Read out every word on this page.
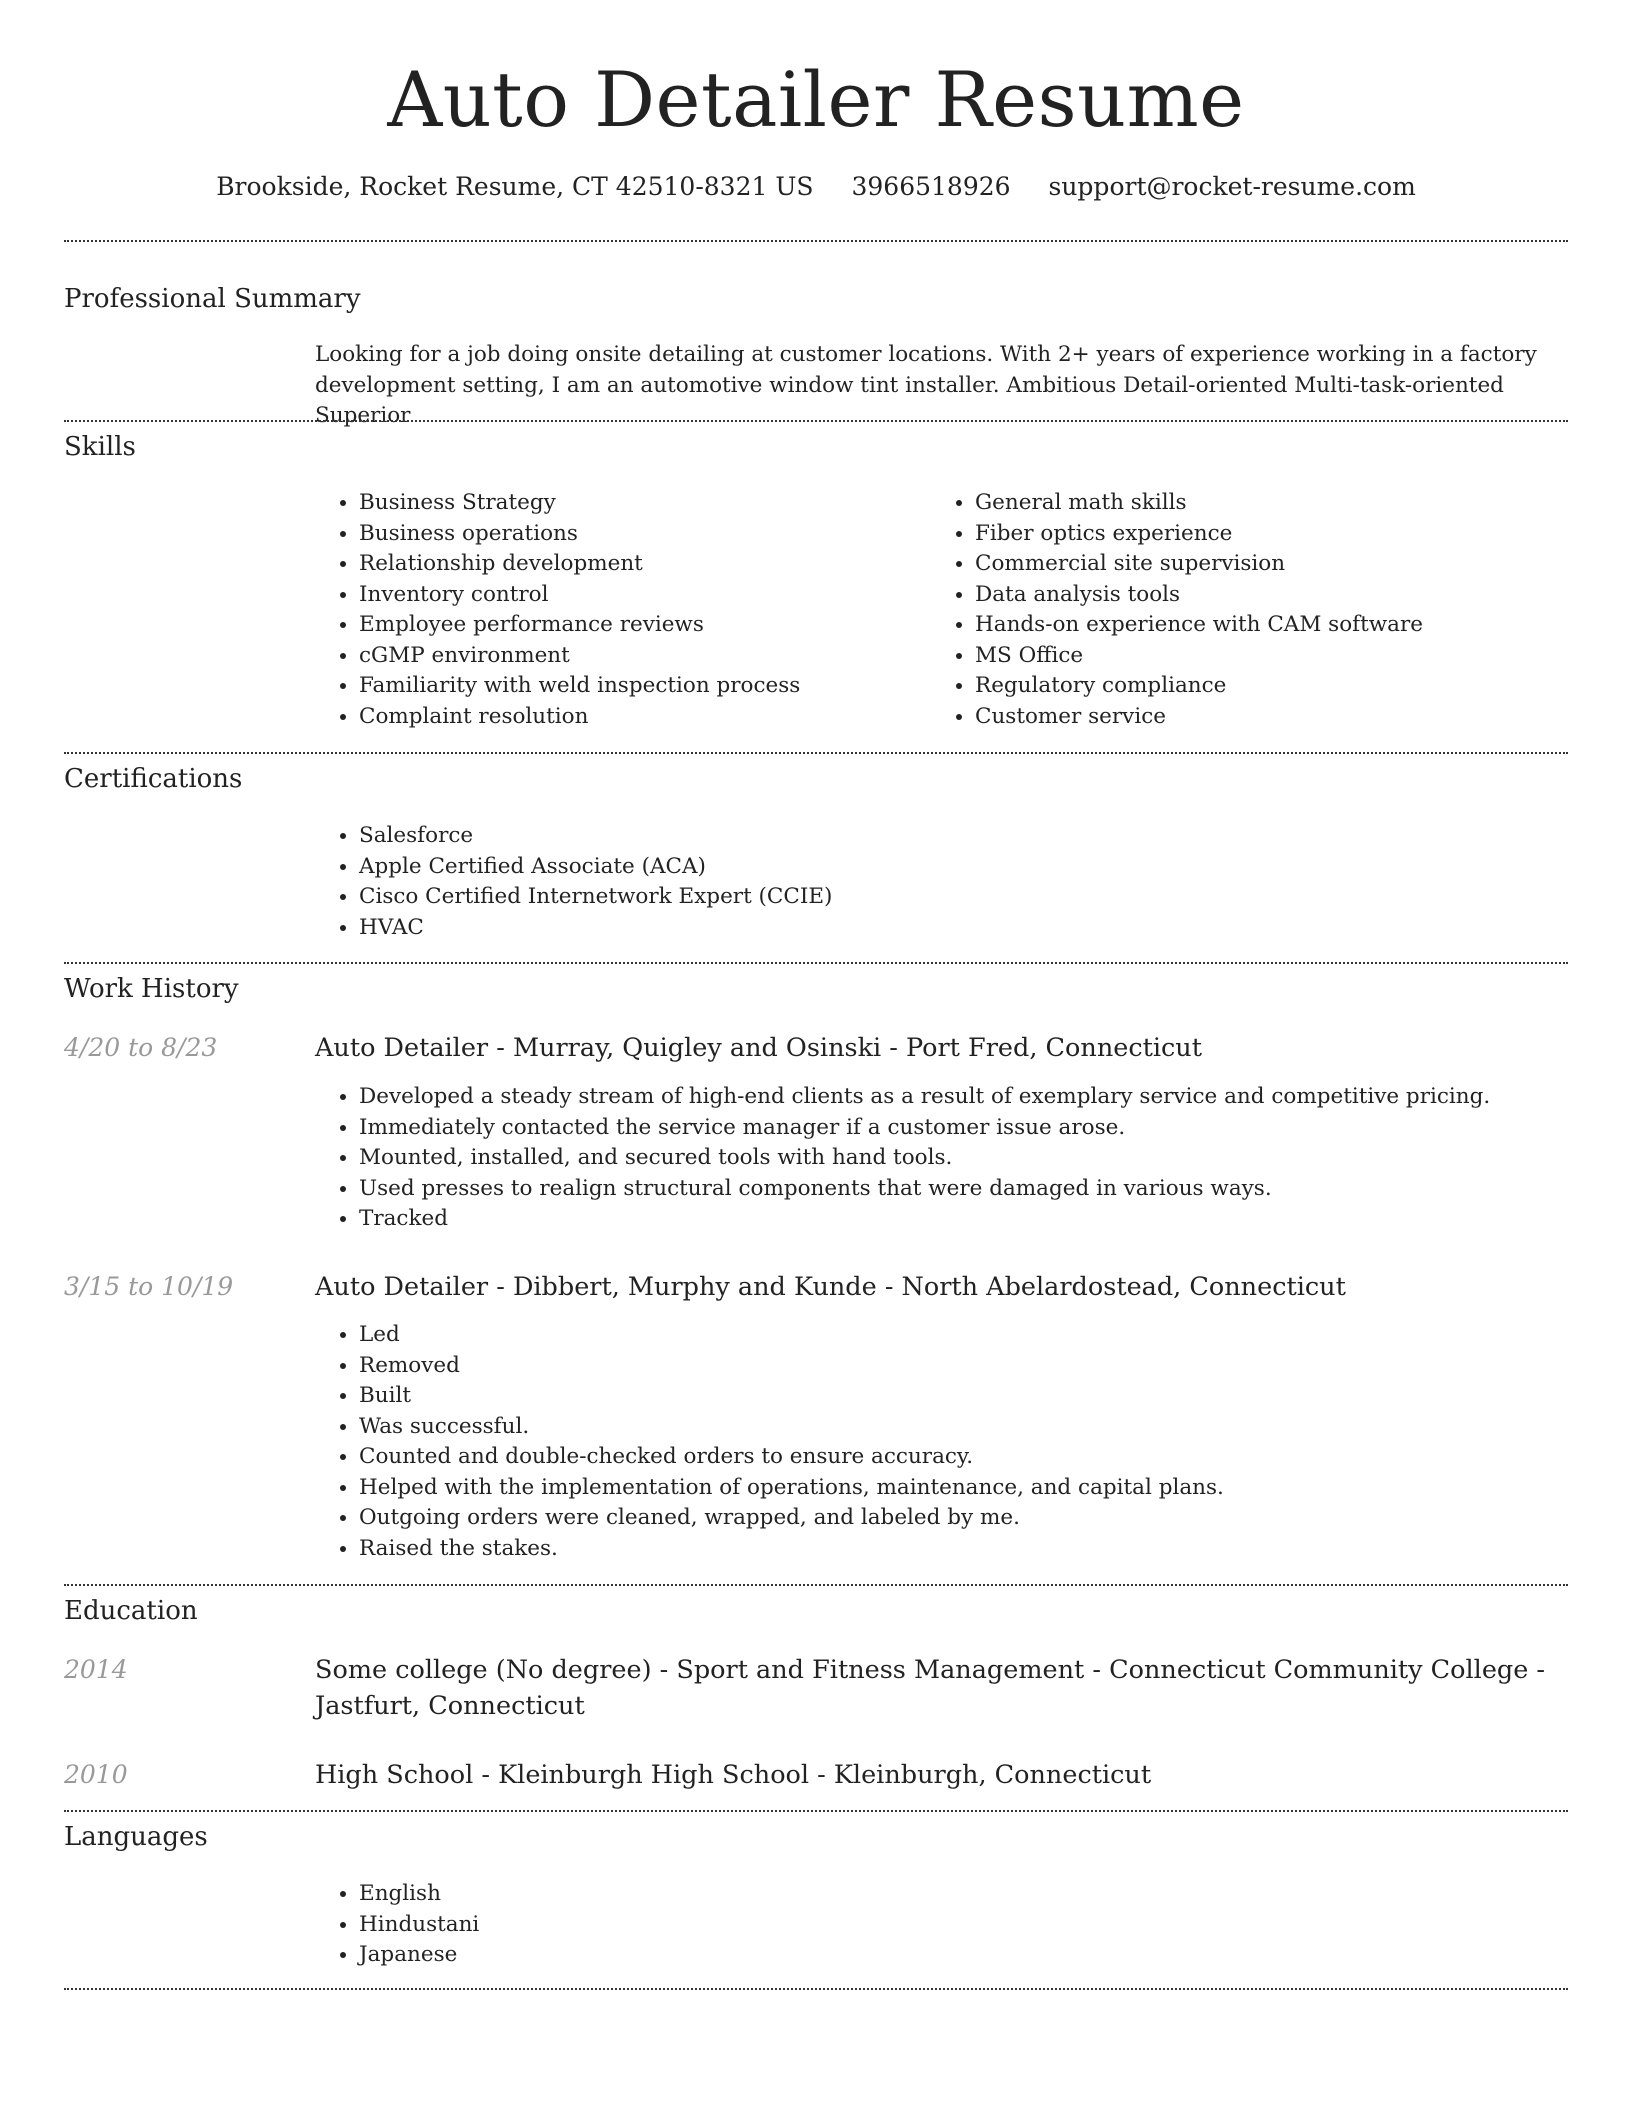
Auto Detailer Resume
Brookside, Rocket Resume, CT 42510-8321 US 3966518926 support@rocket-resume.com
Professional Summary

Looking for a job doing onsite detailing at customer locations. With 2+ years of experience working in a factory development setting, I am an automotive window tint installer. Ambitious Detail-oriented Multi-task-oriented Superior

Skills
• Business Strategy
• Business operations
• Relationship development
• Inventory control
• Employee performance reviews
• cGMP environment
• Familiarity with weld inspection process
• Complaint resolution
• General math skills
• Fiber optics experience
• Commercial site supervision
• Data analysis tools
• Hands-on experience with CAM software
• MS Office
• Regulatory compliance
• Customer service
Certifications
• Salesforce
• Apple Certified Associate (ACA)
• Cisco Certified Internetwork Expert (CCIE)
• HVAC
Work History
4/20 to 8/23	Auto Detailer - Murray, Quigley and Osinski - Port Fred, Connecticut
• Developed a steady stream of high-end clients as a result of exemplary service and competitive pricing.
• Immediately contacted the service manager if a customer issue arose.
• Mounted, installed, and secured tools with hand tools.
• Used presses to realign structural components that were damaged in various ways.
• Tracked
3/15 to 10/19	Auto Detailer - Dibbert, Murphy and Kunde - North Abelardostead, Connecticut
• Led
• Removed
• Built
• Was successful.
• Counted and double-checked orders to ensure accuracy.
• Helped with the implementation of operations, maintenance, and capital plans.
• Outgoing orders were cleaned, wrapped, and labeled by me.
• Raised the stakes.
Education
2014	Some college (No degree) - Sport and Fitness Management - Connecticut Community College - Jastfurt, Connecticut
2010	High School - Kleinburgh High School - Kleinburgh, Connecticut
Languages
• English
• Hindustani
• Japanese
